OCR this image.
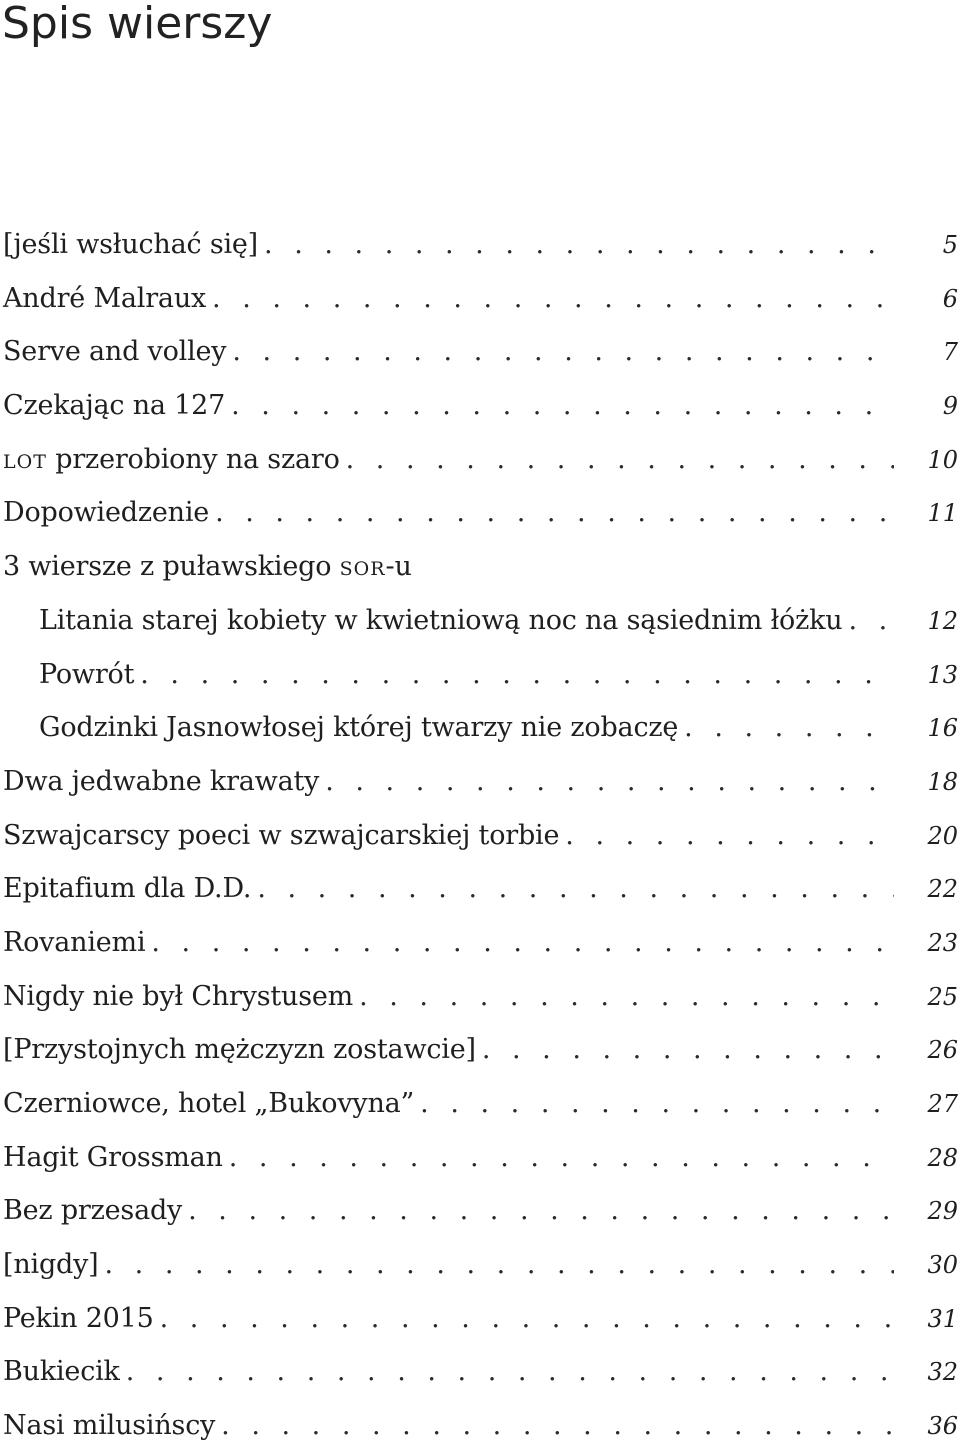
Spis wierszy
[jeśli wsłuchać się] . . .	5
André Malraux . . .	6
Serve and volley . . .	7
Czekając na 127 . . .	9
lot przerobiony na szaro . . .	10
Dopowiedzenie . . .	11
3 wiersze z puławskiego sor-u
Litania starej kobiety w kwietniową noc na sąsiednim łóżku . . .	12
Powrót . . .	13
Godzinki Jasnowłosej której twarzy nie zobaczę . . .	16
Dwa jedwabne krawaty . . .	18
Szwajcarscy poeci w szwajcarskiej torbie . . .	20
Epitafium dla D.D. . . .	22
Rovaniemi . . .	23
Nigdy nie był Chrystusem . . .	25
[Przystojnych mężczyzn zostawcie] . . .	26
Czerniowce, hotel „Bukovyna” . . .	27
Hagit Grossman . . .	28
Bez przesady . . .	29
[nigdy] . . .	30
Pekin 2015 . . .	31
Bukiecik . . .	32
Nasi milusińscy . . .	36
